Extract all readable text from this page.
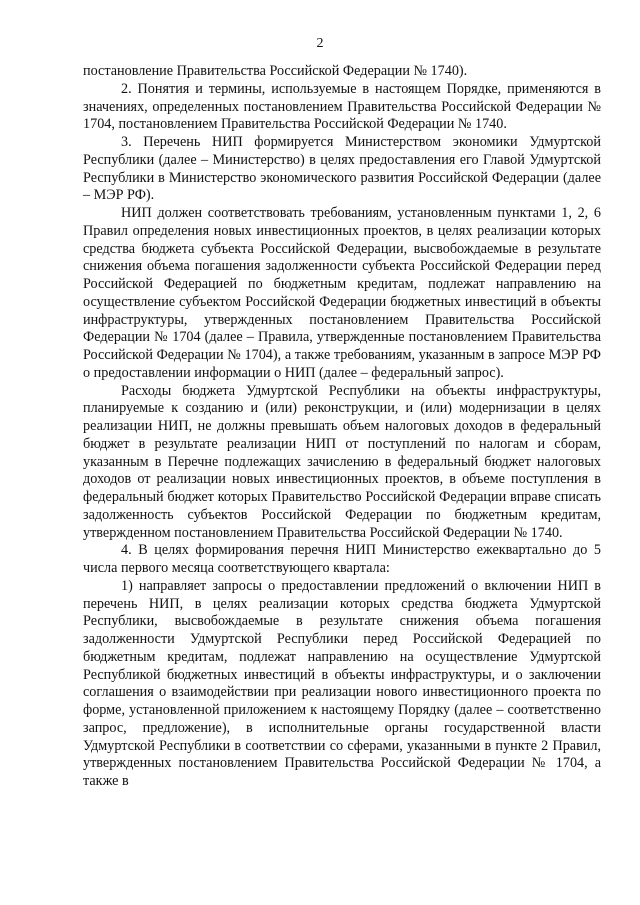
2

постановление Правительства Российской Федерации № 1740).

2. Понятия и термины, используемые в настоящем Порядке, применяются в значениях, определенных постановлением Правительства Российской Федерации № 1704, постановлением Правительства Российской Федерации № 1740.

3. Перечень НИП формируется Министерством экономики Удмуртской Республики (далее – Министерство) в целях предоставления его Главой Удмуртской Республики в Министерство экономического развития Российской Федерации (далее – МЭР РФ).

НИП должен соответствовать требованиям, установленным пунктами 1, 2, 6 Правил определения новых инвестиционных проектов, в целях реализации которых средства бюджета субъекта Российской Федерации, высвобождаемые в результате снижения объема погашения задолженности субъекта Российской Федерации перед Российской Федерацией по бюджетным кредитам, подлежат направлению на осуществление субъектом Российской Федерации бюджетных инвестиций в объекты инфраструктуры, утвержденных постановлением Правительства Российской Федерации № 1704 (далее – Правила, утвержденные постановлением Правительства Российской Федерации № 1704), а также требованиям, указанным в запросе МЭР РФ о предоставлении информации о НИП (далее – федеральный запрос).

Расходы бюджета Удмуртской Республики на объекты инфраструктуры, планируемые к созданию и (или) реконструкции, и (или) модернизации в целях реализации НИП, не должны превышать объем налоговых доходов в федеральный бюджет в результате реализации НИП от поступлений по налогам и сборам, указанным в Перечне подлежащих зачислению в федеральный бюджет налоговых доходов от реализации новых инвестиционных проектов, в объеме поступления в федеральный бюджет которых Правительство Российской Федерации вправе списать задолженность субъектов Российской Федерации по бюджетным кредитам, утвержденном постановлением Правительства Российской Федерации № 1740.

4. В целях формирования перечня НИП Министерство ежеквартально до 5 числа первого месяца соответствующего квартала:

1) направляет запросы о предоставлении предложений о включении НИП в перечень НИП, в целях реализации которых средства бюджета Удмуртской Республики, высвобождаемые в результате снижения объема погашения задолженности Удмуртской Республики перед Российской Федерацией по бюджетным кредитам, подлежат направлению на осуществление Удмуртской Республикой бюджетных инвестиций в объекты инфраструктуры, и о заключении соглашения о взаимодействии при реализации нового инвестиционного проекта по форме, установленной приложением к настоящему Порядку (далее – соответственно запрос, предложение), в исполнительные органы государственной власти Удмуртской Республики в соответствии со сферами, указанными в пункте 2 Правил, утвержденных постановлением Правительства Российской Федерации № 1704, а также в
